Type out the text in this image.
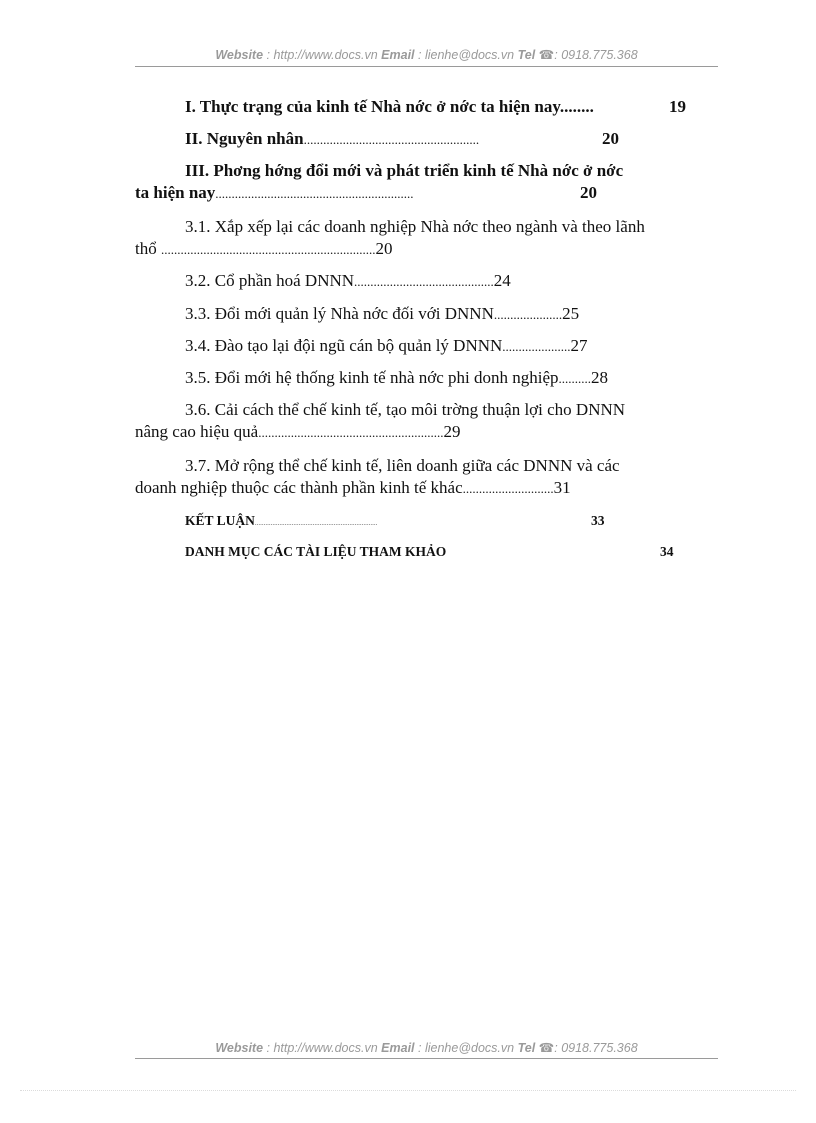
Website : http://www.docs.vn Email : lienhe@docs.vn Tel ☎: 0918.775.368
I. Thực trạng của kinh tế Nhà nớc ở nớc ta hiện nay........	19
II. Nguyên nhân......................................................	20
III. Phơng hớng đổi mới và phát triển kinh tế Nhà nớc ở nớc
ta hiện nay.............................................................	20
3.1. Xắp xếp lại các doanh nghiệp Nhà nớc theo ngành và theo lãnh
thổ ..................................................................20
3.2. Cổ phần hoá DNNN...........................................24
3.3. Đổi mới quản lý Nhà nớc đối với DNNN.....................25
3.4. Đào tạo lại đội ngũ cán bộ quản lý DNNN.....................27
3.5. Đổi mới hệ thống kinh tế nhà nớc phi donh nghiệp..........28
3.6. Cải cách thể chế kinh tế, tạo môi trờng thuận lợi cho DNNN
nâng cao hiệu quả.........................................................29
3.7. Mở rộng thể chế kinh tế, liên doanh giữa các DNNN và các
doanh nghiệp thuộc các thành phần kinh tế khác............................31
KẾT LUẬN......................................................................	33
DANH MỤC CÁC TÀI LIỆU THAM KHẢO	34
Website : http://www.docs.vn Email : lienhe@docs.vn Tel ☎: 0918.775.368
